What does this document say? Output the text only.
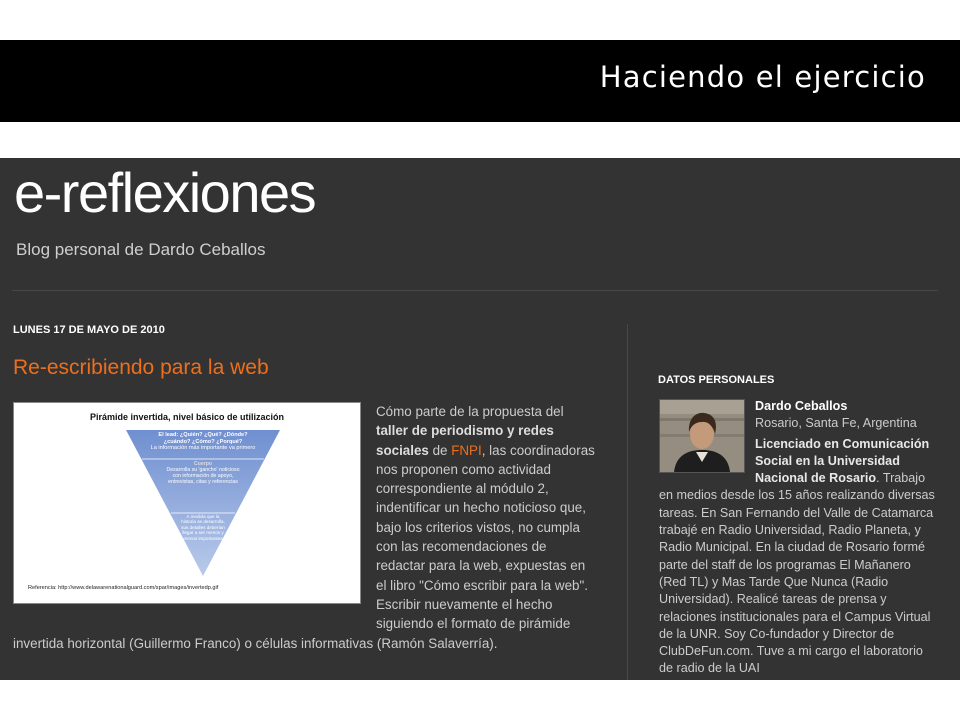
Haciendo el ejercicio
e-reflexiones
Blog personal de Dardo Ceballos
LUNES 17 DE MAYO DE 2010
Re-escribiendo para la web

Pirámide invertida, nivel básico de utilización
El lead: ¿Quién? ¿Qué? ¿Dónde? ¿cuándo? ¿Cómo? ¿Porqué?
La información más importante va primero
Cuerpo
Desarrolla su 'gancho' noticioso con información de apoyo, entrevistas, citas y referencias
A medida que la historia se desarrolla, sus detalles deberían llegar a ser menos y menos importantes
Referencia: http://www.delawarenationalguard.com/spar/images/invertedp.gif
Cómo parte de la propuesta del taller de periodismo y redes sociales de FNPI, las coordinadoras nos proponen como actividad correspondiente al módulo 2, indentificar un hecho noticioso que, bajo los criterios vistos, no cumpla con las recomendaciones de redactar para la web, expuestas en el libro "Cómo escribir para la web". Escribir nuevamente el hecho siguiendo el formato de pirámide invertida horizontal (Guillermo Franco) o células informativas (Ramón Salaverría).

DATOS PERSONALES
Dardo Ceballos
Rosario, Santa Fe, Argentina
Licenciado en Comunicación Social en la Universidad Nacional de Rosario. Trabajo en medios desde los 15 años realizando diversas tareas. En San Fernando del Valle de Catamarca trabajé en Radio Universidad, Radio Planeta, y Radio Municipal. En la ciudad de Rosario formé parte del staff de los programas El Mañanero (Red TL) y Mas Tarde Que Nunca (Radio Universidad). Realicé tareas de prensa y relaciones institucionales para el Campus Virtual de la UNR. Soy Co-fundador y Director de ClubDeFun.com. Tuve a mi cargo el laboratorio de radio de la UAI
